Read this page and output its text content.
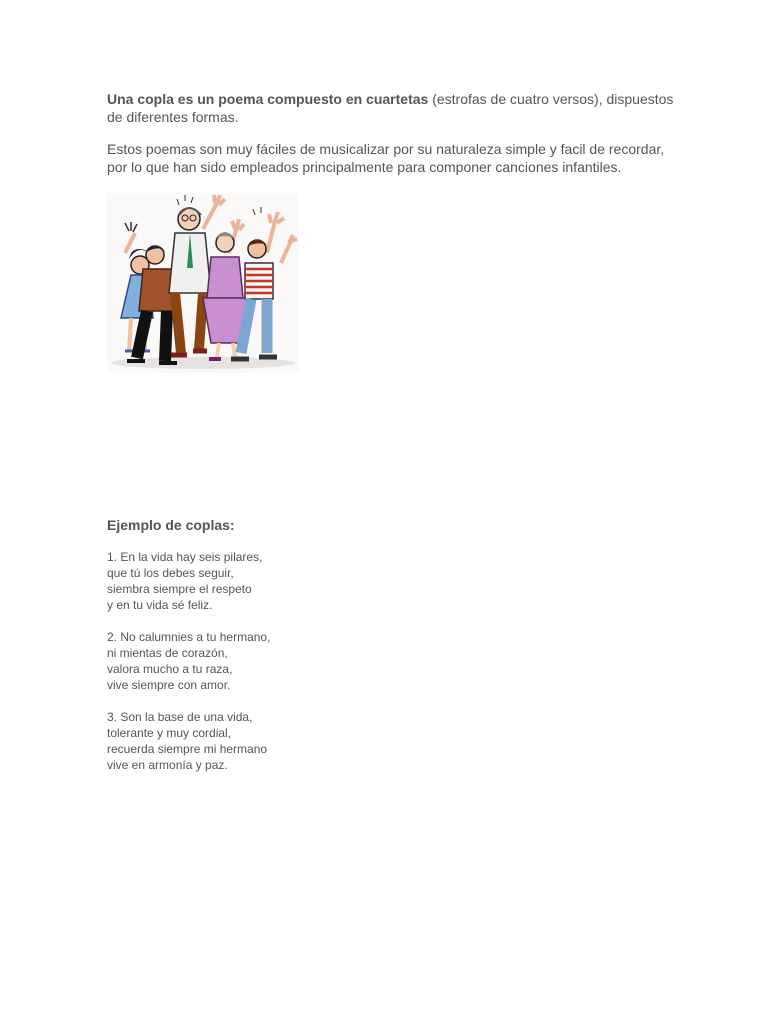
Una copla es un poema compuesto en cuartetas (estrofas de cuatro versos), dispuestos de diferentes formas.

Estos poemas son muy fáciles de musicalizar por su naturaleza simple y facil de recordar, por lo que han sido empleados principalmente para componer canciones infantiles.

Ejemplo de coplas:

1. En la vida hay seis pilares,
que tú los debes seguir,
siembra siempre el respeto
y en tu vida sé feliz.
2. No calumnies a tu hermano,
ni mientas de corazón,
valora mucho a tu raza,
vive siempre con amor.
3. Son la base de una vida,
tolerante y muy cordial,
recuerda siempre mi hermano
vive en armonía y paz.
